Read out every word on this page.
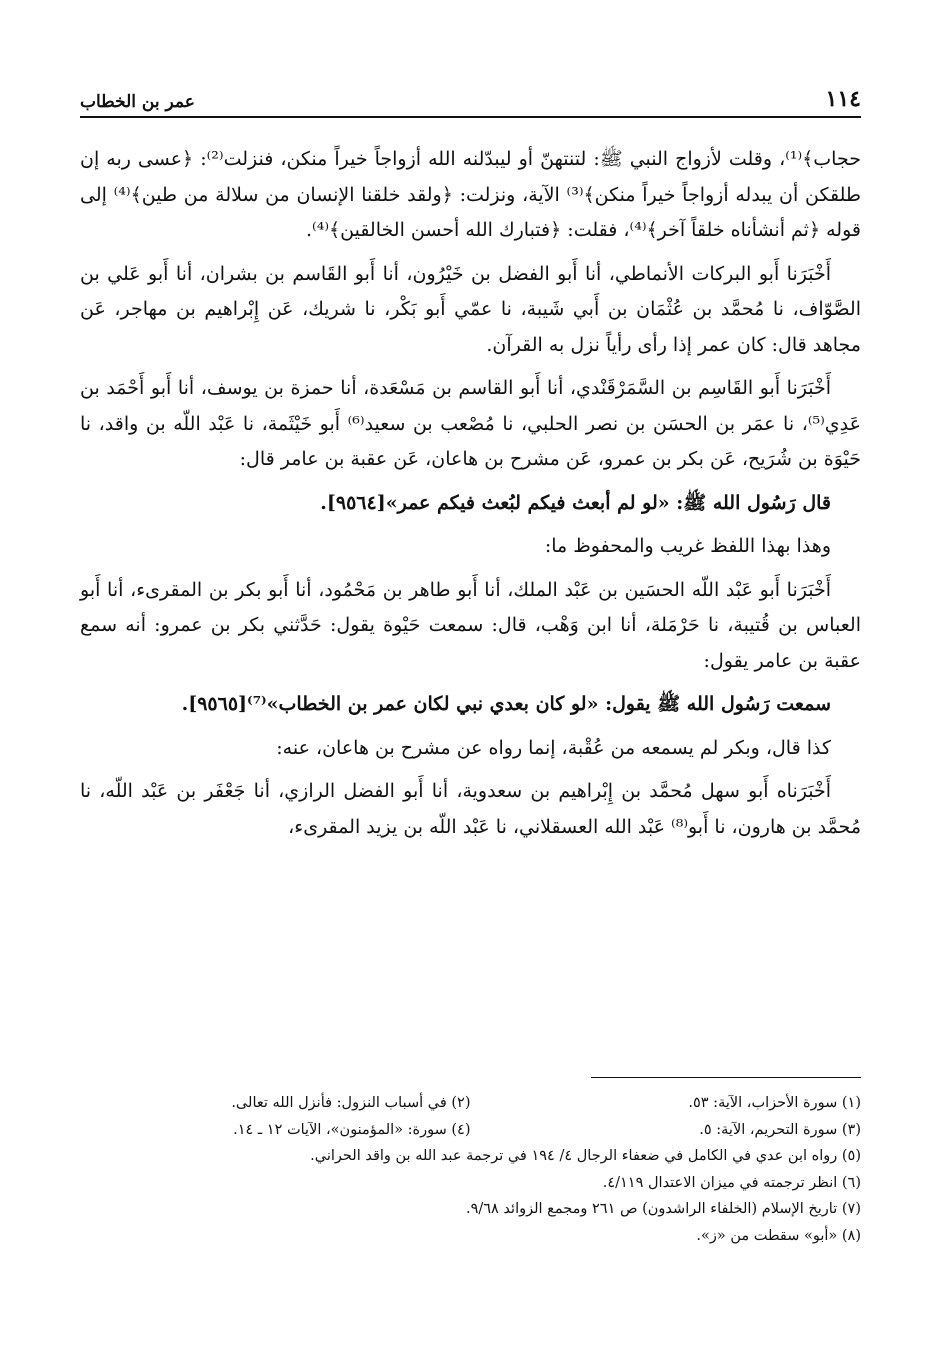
١١٤
عمر بن الخطاب

حجاب﴾⁽¹⁾، وقلت لأزواج النبي ﷺ: لتنتهنّ أو ليبدّلنه الله أزواجاً خيراً منكن، فنزلت⁽²⁾: ﴿عسى ربه إن طلقكن أن يبدله أزواجاً خيراً منكن﴾⁽³⁾ الآية، ونزلت: ﴿ولقد خلقنا الإنسان من سلالة من طين﴾⁽⁴⁾ إلى قوله ﴿ثم أنشأناه خلقاً آخر﴾⁽⁴⁾، فقلت: ﴿فتبارك الله أحسن الخالقين﴾⁽⁴⁾.

أَخْبَرَنا أَبو البركات الأنماطي، أنا أَبو الفضل بن خَيْرُون، أنا أَبو القَاسم بن بشران، أنا أَبو عَلي بن الصَّوّاف، نا مُحمَّد بن عُثْمَان بن أَبي شَيبة، نا عمّي أَبو بَكْر، نا شريك، عَن إِبْراهيم بن مهاجر، عَن مجاهد قال: كان عمر إذا رأى رأياً نزل به القرآن.

أَخْبَرَنا أَبو القَاسِم بن السَّمَرْقَنْدي، أنا أَبو القاسم بن مَسْعَدة، أنا حمزة بن يوسف، أنا أَبو أَحْمَد بن عَدِي⁽⁵⁾، نا عمَر بن الحسَن بن نصر الحلبي، نا مُصْعب بن سعيد⁽⁶⁾ أَبو خَيْثَمة، نا عَبْد اللّه بن واقد، نا حَيْوَة بن شُرَيح، عَن بكر بن عمرو، عَن مشرح بن هاعان، عَن عقبة بن عامر قال:

قال رَسُول الله ﷺ: «لو لم أبعث فيكم لبُعث فيكم عمر»[٩٥٦٤].

وهذا بهذا اللفظ غريب والمحفوظ ما:

أَخْبَرَنا أَبو عَبْد اللّه الحسَين بن عَبْد الملك، أنا أَبو طاهر بن مَحْمُود، أنا أَبو بكر بن المقرىء، أنا أَبو العباس بن قُتيبة، نا حَرْمَلة، أنا ابن وَهْب، قال: سمعت حَيْوة يقول: حَدَّثني بكر بن عمرو: أنه سمع عقبة بن عامر يقول:

سمعت رَسُول الله ﷺ يقول: «لو كان بعدي نبي لكان عمر بن الخطاب»⁽⁷⁾[٩٥٦٥].

كذا قال، وبكر لم يسمعه من عُقْبة، إنما رواه عن مشرح بن هاعان، عنه:

أَخْبَرَناه أَبو سهل مُحمَّد بن إِبْراهيم بن سعدوية، أنا أَبو الفضل الرازي، أنا جَعْفَر بن عَبْد اللّه، نا مُحمَّد بن هارون، نا أَبو⁽⁸⁾ عَبْد الله العسقلاني، نا عَبْد اللّه بن يزيد المقرىء،

(١) سورة الأحزاب، الآية: ٥٣.
(٢) في أسباب النزول: فأنزل الله تعالى.
(٣) سورة التحريم، الآية: ٥.
(٤) سورة: «المؤمنون»، الآيات ١٢ ـ ١٤.
(٥) رواه ابن عدي في الكامل في ضعفاء الرجال ٤/ ١٩٤ في ترجمة عبد الله بن واقد الحراني.
(٦) انظر ترجمته في ميزان الاعتدال ٤/١١٩.
(٧) تاريخ الإسلام (الخلفاء الراشدون) ص ٢٦١ ومجمع الزوائد ٩/٦٨.
(٨) «أبو» سقطت من «ز».
